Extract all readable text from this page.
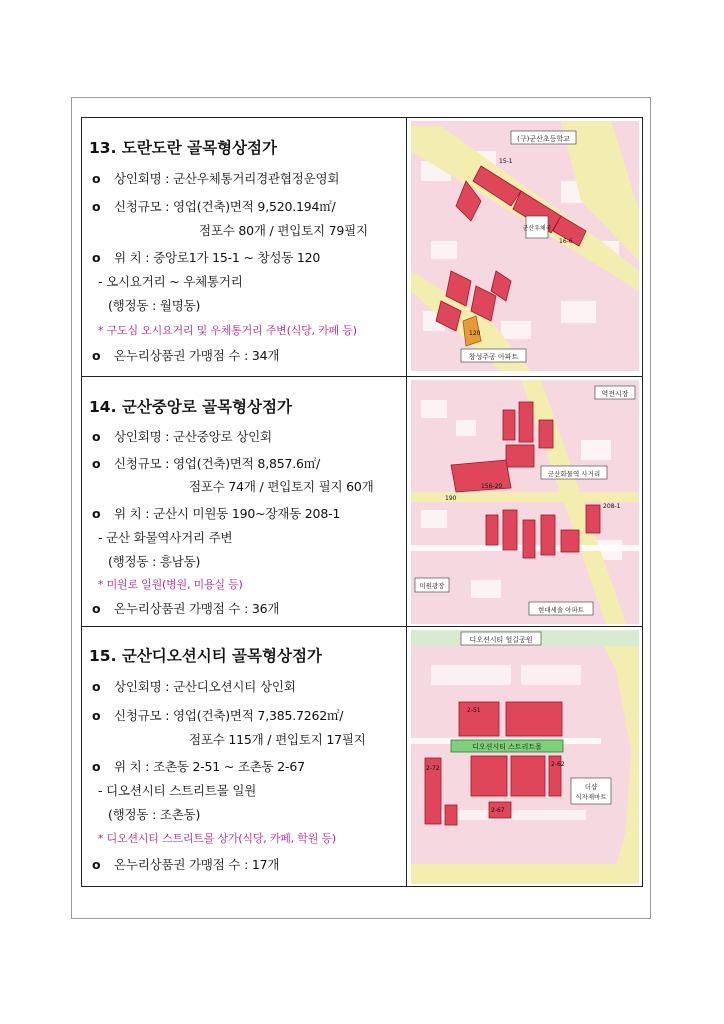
13. 도란도란 골목형상점가
o 상인회명 : 군산우체통거리경관협정운영회
o 신청규모 : 영업(건축)면적 9,520.194㎡/
점포수 80개 / 편입토지 79필지
o 위 치 : 중앙로1가 15-1 ~ 창성동 120
- 오시요거리 ~ 우체통거리
(행정동 : 월명동)
* 구도심 오시요거리 및 우체통거리 주변(식당, 카페 등)
o 온누리상품권 가맹점 수 : 34개
(구)군산초등학교
15-1
군산우체국
16-6
120
창성주공 아파트
14. 군산중앙로 골목형상점가
o 상인회명 : 군산중앙로 상인회
o 신청규모 : 영업(건축)면적 8,857.6㎡/
점포수 74개 / 편입토지 필지 60개
o 위 치 : 군산시 미원동 190~장재동 208-1
- 군산 화물역사거리 주변
(행정동 : 흥남동)
* 미원로 일원(병원, 미용실 등)
o 온누리상품권 가맹점 수 : 36개
역전시장
군산화물역 사거리
156-20
190
208-1
미원광장
현대세솔 아파트
15. 군산디오션시티 골목형상점가
o 상인회명 : 군산디오션시티 상인회
o 신청규모 : 영업(건축)면적 7,385.7262㎡/
점포수 115개 / 편입토지 17필지
o 위 치 : 조촌동 2-51 ~ 조촌동 2-67
- 디오션시티 스트리트몰 일원
(행정동 : 조촌동)
* 디오션시티 스트리트몰 상가(식당, 카페, 학원 등)
o 온누리상품권 가맹점 수 : 17개
디오션시티 스트리트몰
디오션시티 헐길공원
2-51
2-62
2-72
2-67
더샵
식자재마트
